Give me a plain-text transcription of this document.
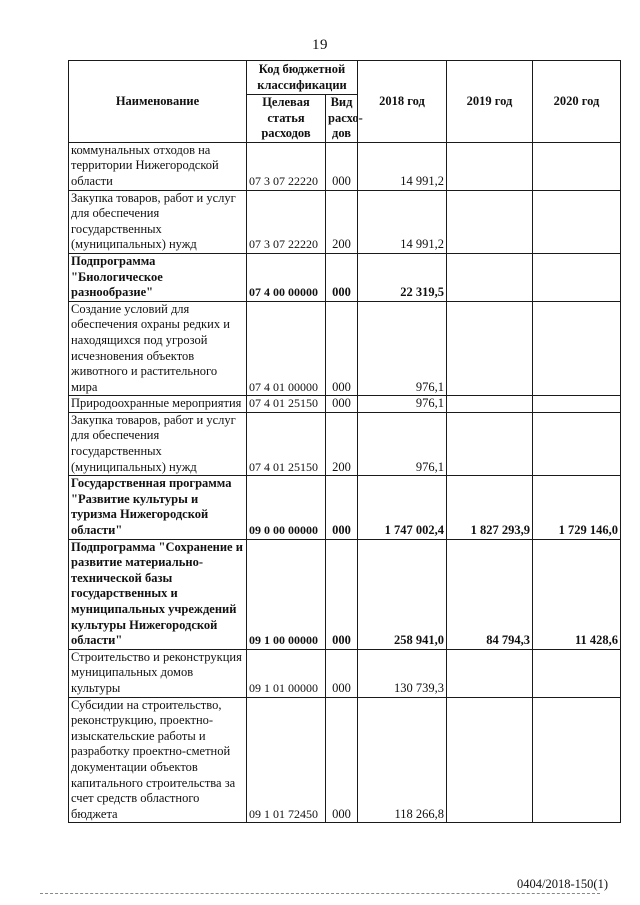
19
Наименование	Код бюджетной классификации		2018 год	2019 год	2020 год
	Целевая статья расходов	Вид расхо-дов			
коммунальных отходов на территории Нижегородской области	07 3 07 22220	000	14 991,2		
Закупка товаров, работ и услуг для обеспечения государственных (муниципальных) нужд	07 3 07 22220	200	14 991,2		
Подпрограмма "Биологическое разнообразие"	07 4 00 00000	000	22 319,5		
Создание условий для обеспечения охраны редких и находящихся под угрозой исчезновения объектов животного и растительного мира	07 4 01 00000	000	976,1		
Природоохранные мероприятия	07 4 01 25150	000	976,1		
Закупка товаров, работ и услуг для обеспечения государственных (муниципальных) нужд	07 4 01 25150	200	976,1		
Государственная программа "Развитие культуры и туризма Нижегородской области"	09 0 00 00000	000	1 747 002,4	1 827 293,9	1 729 146,0
Подпрограмма "Сохранение и развитие материально-технической базы государственных и муниципальных учреждений культуры Нижегородской области"	09 1 00 00000	000	258 941,0	84 794,3	11 428,6
Строительство и реконструкция муниципальных домов культуры	09 1 01 00000	000	130 739,3		
Субсидии на строительство, реконструкцию, проектно-изыскательские работы и разработку проектно-сметной документации объектов капитального строительства за счет средств областного бюджета	09 1 01 72450	000	118 266,8		
0404/2018-150(1)
